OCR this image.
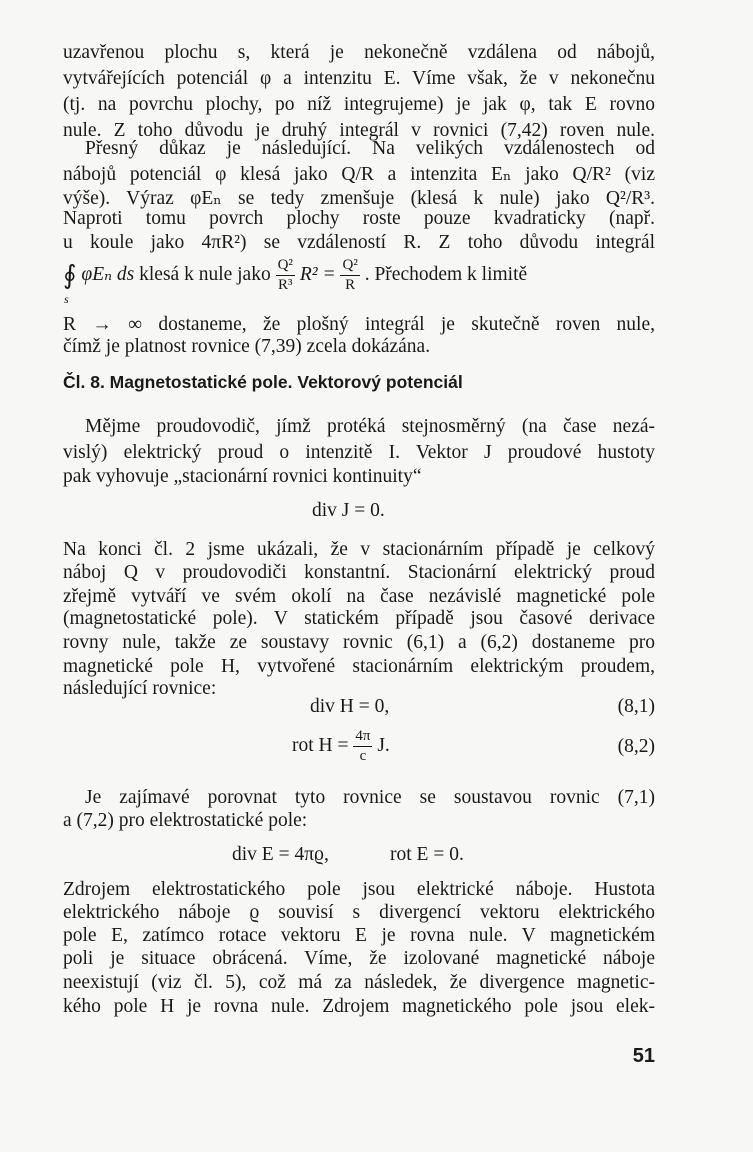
uzavřenou plochu s, která je nekonečně vzdálena od nábojů,
vytvářejících potenciál φ a intenzitu E. Víme však, že v nekonečnu
(tj. na povrchu plochy, po níž integrujeme) je jak φ, tak E rovno
nule. Z toho důvodu je druhý integrál v rovnici (7,42) roven nule.
Přesný důkaz je následující. Na velikých vzdálenostech od
nábojů potenciál φ klesá jako Q/R a intenzita Eₙ jako Q/R² (viz
výše). Výraz φEₙ se tedy zmenšuje (klesá k nule) jako Q²/R³.
Naproti tomu povrch plochy roste pouze kvadraticky (např.
u koule jako 4πR²) se vzdáleností R. Z toho důvodu integrál
∮ φEₙ ds klesá k nule jako $\frac{\text{Q²}}{\text{R³}} R^2 = \frac{\text{Q²}}{R}$ . Přechodem k limitě
s
R → ∞ dostaneme, že plošný integrál je skutečně roven nule,
čímž je platnost rovnice (7,39) zcela dokázána.
Čl. 8. Magnetostatické pole. Vektorový potenciál
Mějme proudovodič, jímž protéká stejnosměrný (na čase nezá-
vislý) elektrický proud o intenzitě I. Vektor J proudové hustoty
pak vyhovuje „stacionární rovnici kontinuity“
div J = 0.
Na konci čl. 2 jsme ukázali, že v stacionárním případě je celkový
náboj Q v proudovodiči konstantní. Stacionární elektrický proud
zřejmě vytváří ve svém okolí na čase nezávislé magnetické pole
(magnetostatické pole). V statickém případě jsou časové derivace
rovny nule, takže ze soustavy rovnic (6,1) a (6,2) dostaneme pro
magnetické pole H, vytvořené stacionárním elektrickým proudem,
následující rovnice:
div H = 0,	(8,1)
rot $H = \frac{4\pi}{c} J$.	(8,2)
Je zajímavé porovnat tyto rovnice se soustavou rovnic (7,1)
a (7,2) pro elektrostatické pole:
div E = 4πϱ,	rot E = 0.
Zdrojem elektrostatického pole jsou elektrické náboje. Hustota
elektrického náboje ϱ souvisí s divergencí vektoru elektrického
pole E, zatímco rotace vektoru E je rovna nule. V magnetickém
poli je situace obrácená. Víme, že izolované magnetické náboje
neexistují (viz čl. 5), což má za následek, že divergence magnetic-
kého pole H je rovna nule. Zdrojem magnetického pole jsou elek-
51
